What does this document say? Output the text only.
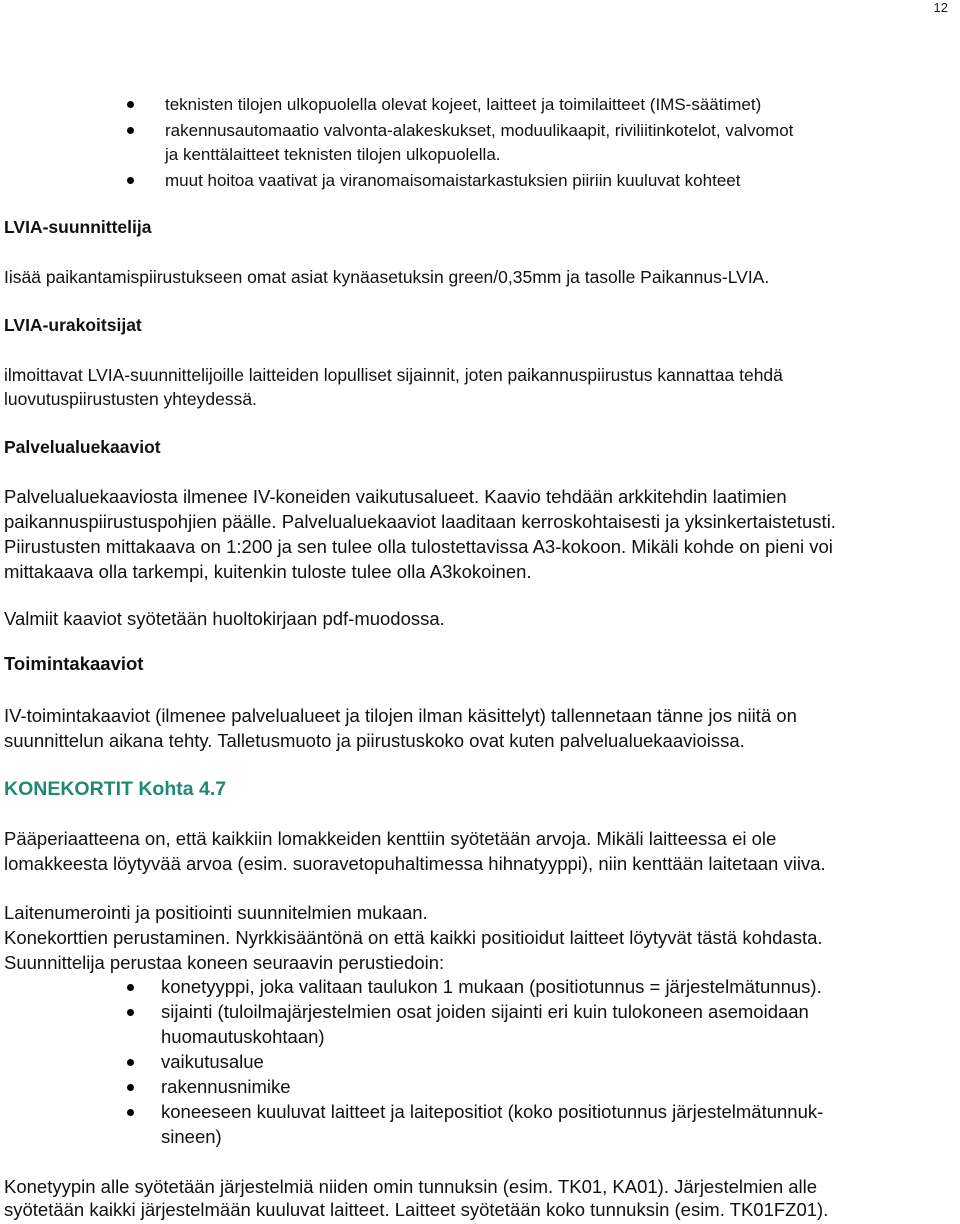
12
teknisten tilojen ulkopuolella olevat kojeet, laitteet ja toimilaitteet (IMS-säätimet)
rakennusautomaatio valvonta-alakeskukset, moduulikaapit, riviliitinkotelot, valvomot
ja kenttälaitteet teknisten tilojen ulkopuolella.
muut hoitoa vaativat ja viranomaisomaistarkastuksien piiriin kuuluvat kohteet
LVIA-suunnittelija
Iisää paikantamispiirustukseen omat asiat kynäasetuksin green/0,35mm ja tasolle Paikannus-LVIA.
LVIA-urakoitsijat
ilmoittavat LVIA-suunnittelijoille laitteiden lopulliset sijainnit, joten paikannuspiirustus kannattaa tehdä
luovutuspiirustusten yhteydessä.
Palvelualuekaaviot
Palvelualuekaaviosta ilmenee IV-koneiden vaikutusalueet. Kaavio tehdään arkkitehdin laatimien
paikannuspiirustuspohjien päälle. Palvelualuekaaviot laaditaan kerroskohtaisesti ja yksinkertaistetusti.
Piirustusten mittakaava on 1:200 ja sen tulee olla tulostettavissa A3-kokoon. Mikäli kohde on pieni voi
mittakaava olla tarkempi, kuitenkin tuloste tulee olla A3kokoinen.
Valmiit kaaviot syötetään huoltokirjaan pdf-muodossa.
Toimintakaaviot
IV-toimintakaaviot (ilmenee palvelualueet ja tilojen ilman käsittelyt) tallennetaan tänne jos niitä on
suunnittelun aikana tehty. Talletusmuoto ja piirustuskoko ovat kuten palvelualuekaavioissa.
KONEKORTIT Kohta 4.7
Pääperiaatteena on, että kaikkiin lomakkeiden kenttiin syötetään arvoja. Mikäli laitteessa ei ole
lomakkeesta löytyvää arvoa (esim. suoravetopuhaltimessa hihnatyyppi), niin kenttään laitetaan viiva.
Laitenumerointi ja positiointi suunnitelmien mukaan.
Konekorttien perustaminen. Nyrkkisääntönä on että kaikki positioidut laitteet löytyvät tästä kohdasta.
Suunnittelija perustaa koneen seuraavin perustiedoin:
konetyyppi, joka valitaan taulukon 1 mukaan (positiotunnus = järjestelmätunnus).
sijainti (tuloilmajärjestelmien osat joiden sijainti eri kuin tulokoneen asemoidaan
huomautuskohtaan)
vaikutusalue
rakennusnimike
koneeseen kuuluvat laitteet ja laitepositiot (koko positiotunnus järjestelmätunnuk-
sineen)
Konetyypin alle syötetään järjestelmiä niiden omin tunnuksin (esim. TK01, KA01). Järjestelmien alle
syötetään kaikki järjestelmään kuuluvat laitteet. Laitteet syötetään koko tunnuksin (esim. TK01FZ01).
